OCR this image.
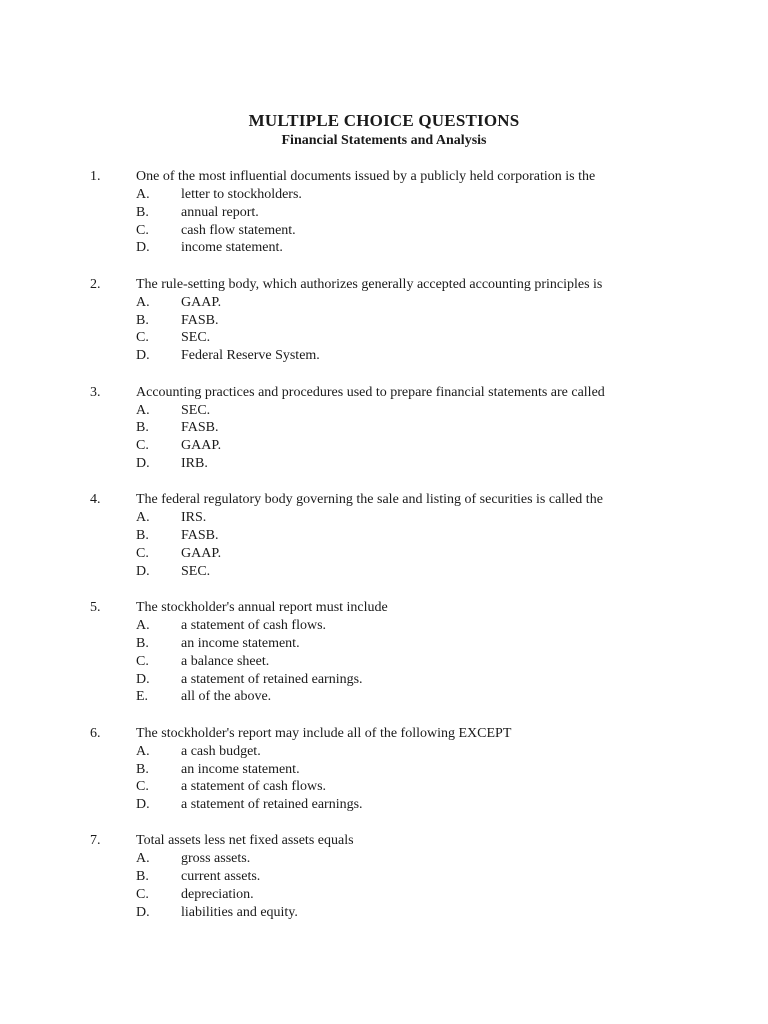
MULTIPLE CHOICE QUESTIONS
Financial Statements and Analysis
1.	One of the most influential documents issued by a publicly held corporation is the
A. letter to stockholders.
B. annual report.
C. cash flow statement.
D. income statement.
2.	The rule-setting body, which authorizes generally accepted accounting principles is
A. GAAP.
B. FASB.
C. SEC.
D. Federal Reserve System.
3.	Accounting practices and procedures used to prepare financial statements are called
A. SEC.
B. FASB.
C. GAAP.
D. IRB.
4.	The federal regulatory body governing the sale and listing of securities is called the
A. IRS.
B. FASB.
C. GAAP.
D. SEC.
5.	The stockholder's annual report must include
A. a statement of cash flows.
B. an income statement.
C. a balance sheet.
D. a statement of retained earnings.
E. all of the above.
6.	The stockholder's report may include all of the following EXCEPT
A. a cash budget.
B. an income statement.
C. a statement of cash flows.
D. a statement of retained earnings.
7.	Total assets less net fixed assets equals
A. gross assets.
B. current assets.
C. depreciation.
D. liabilities and equity.
